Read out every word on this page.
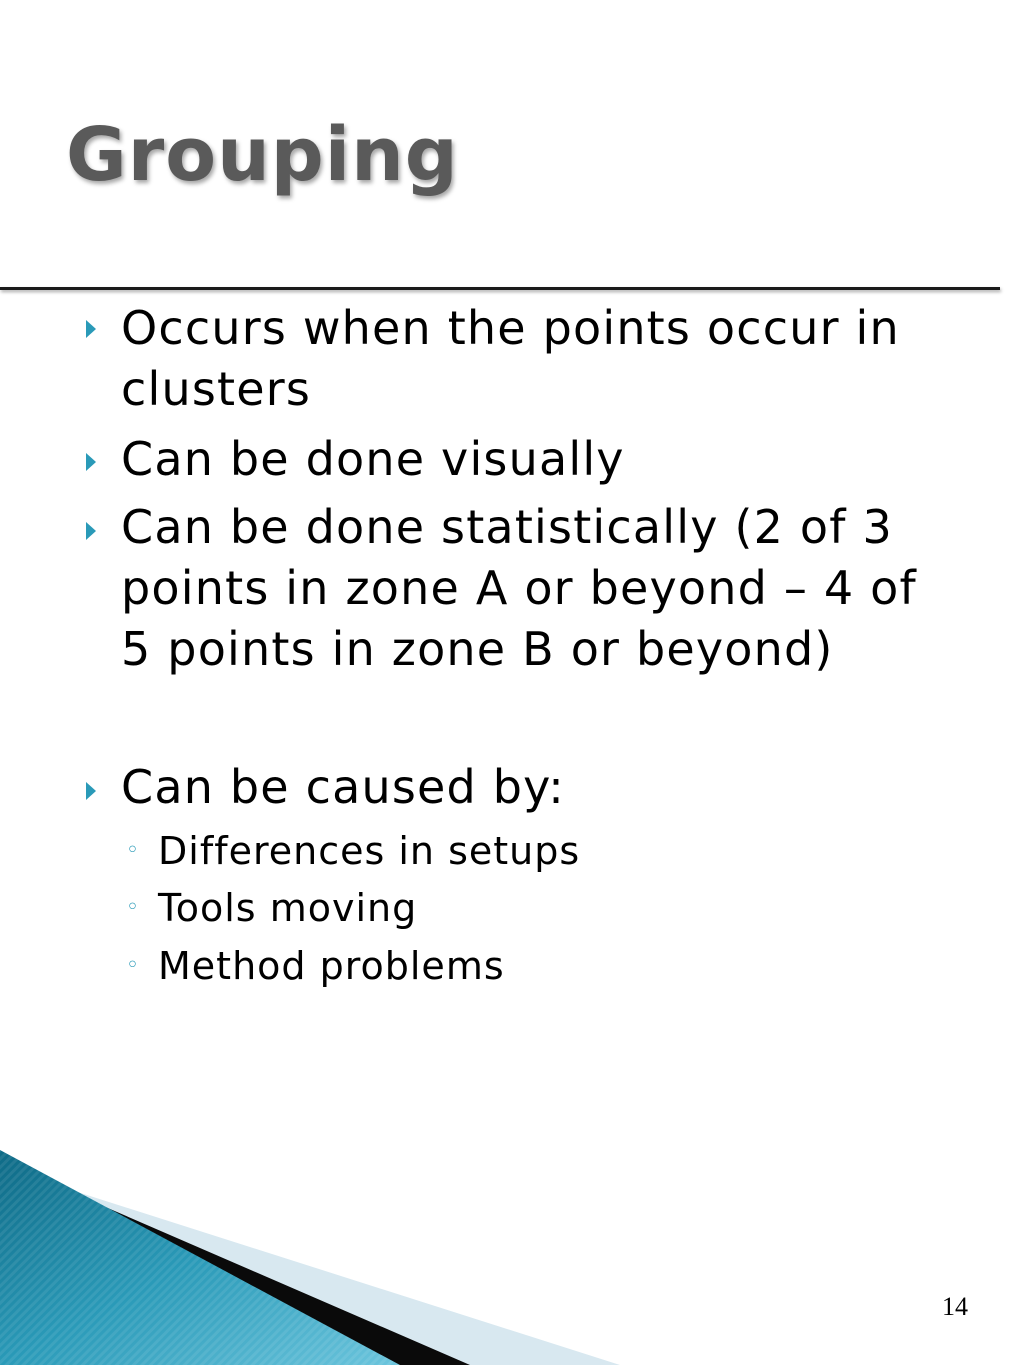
Grouping
Occurs when the points occur in
clusters
Can be done visually
Can be done statistically (2 of 3
points in zone A or beyond – 4 of
5 points in zone B or beyond)
Can be caused by:
◦ Differences in setups
◦ Tools moving
◦ Method problems
14
